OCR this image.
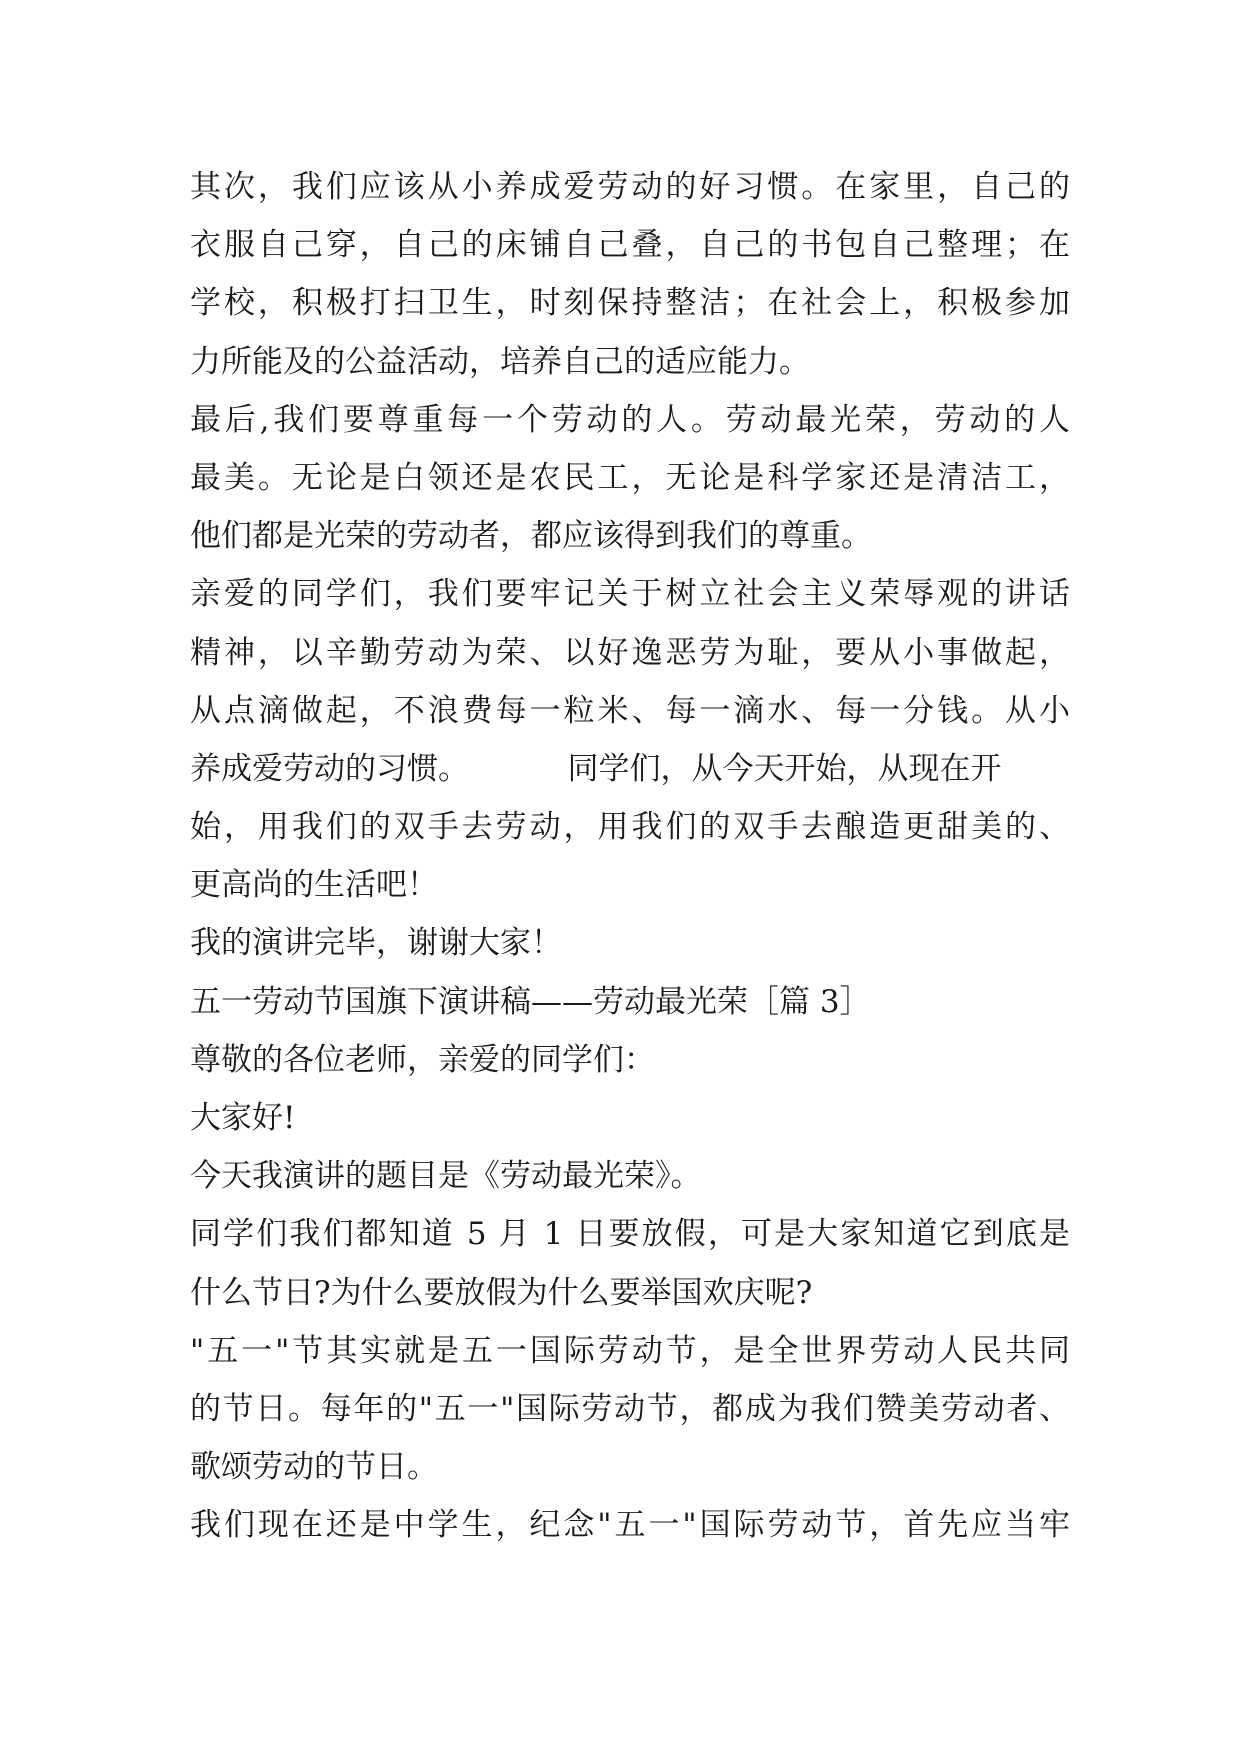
其次，我们应该从小养成爱劳动的好习惯。在家里，自己的
衣服自己穿，自己的床铺自己叠，自己的书包自己整理；在
学校，积极打扫卫生，时刻保持整洁；在社会上，积极参加
力所能及的公益活动，培养自己的适应能力。
最后,我们要尊重每一个劳动的人。劳动最光荣，劳动的人
最美。无论是白领还是农民工，无论是科学家还是清洁工，
他们都是光荣的劳动者，都应该得到我们的尊重。
亲爱的同学们，我们要牢记关于树立社会主义荣辱观的讲话
精神，以辛勤劳动为荣、以好逸恶劳为耻，要从小事做起，
从点滴做起，不浪费每一粒米、每一滴水、每一分钱。从小
养成爱劳动的习惯。          同学们，从今天开始，从现在开
始，用我们的双手去劳动，用我们的双手去酿造更甜美的、
更高尚的生活吧！
我的演讲完毕，谢谢大家！
五一劳动节国旗下演讲稿——劳动最光荣［篇 3］
尊敬的各位老师，亲爱的同学们：
大家好!
今天我演讲的题目是《劳动最光荣》。
同学们我们都知道 5 月 1 日要放假，可是大家知道它到底是
什么节日?为什么要放假为什么要举国欢庆呢?
"五一"节其实就是五一国际劳动节，是全世界劳动人民共同
的节日。每年的"五一"国际劳动节，都成为我们赞美劳动者、
歌颂劳动的节日。
我们现在还是中学生，纪念"五一"国际劳动节，首先应当牢
